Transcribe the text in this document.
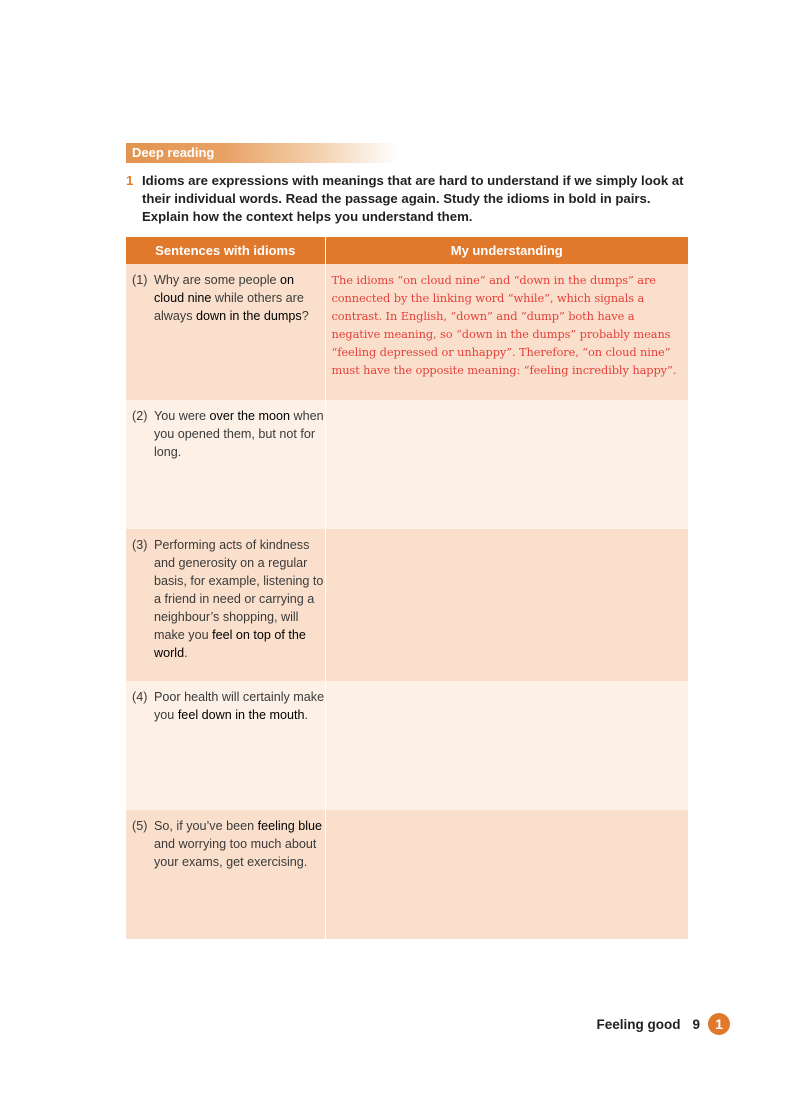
Deep reading
1 Idioms are expressions with meanings that are hard to understand if we simply look at their individual words. Read the passage again. Study the idioms in bold in pairs. Explain how the context helps you understand them.
Sentences with idioms	My understanding

(1) Why are some people on cloud nine while others are always down in the dumps?	The idioms “on cloud nine” and “down in the dumps” are connected by the linking word “while”, which signals a contrast. In English, “down” and “dump” both have a negative meaning, so “down in the dumps” probably means “feeling depressed or unhappy”. Therefore, “on cloud nine” must have the opposite meaning: “feeling incredibly happy”.

(2) You were over the moon when you opened them, but not for long.	

(3) Performing acts of kindness and generosity on a regular basis, for example, listening to a friend in need or carrying a neighbour’s shopping, will make you feel on top of the world.	

(4) Poor health will certainly make you feel down in the mouth.	

(5) So, if you’ve been feeling blue and worrying too much about your exams, get exercising.	

Feeling good 9	1
